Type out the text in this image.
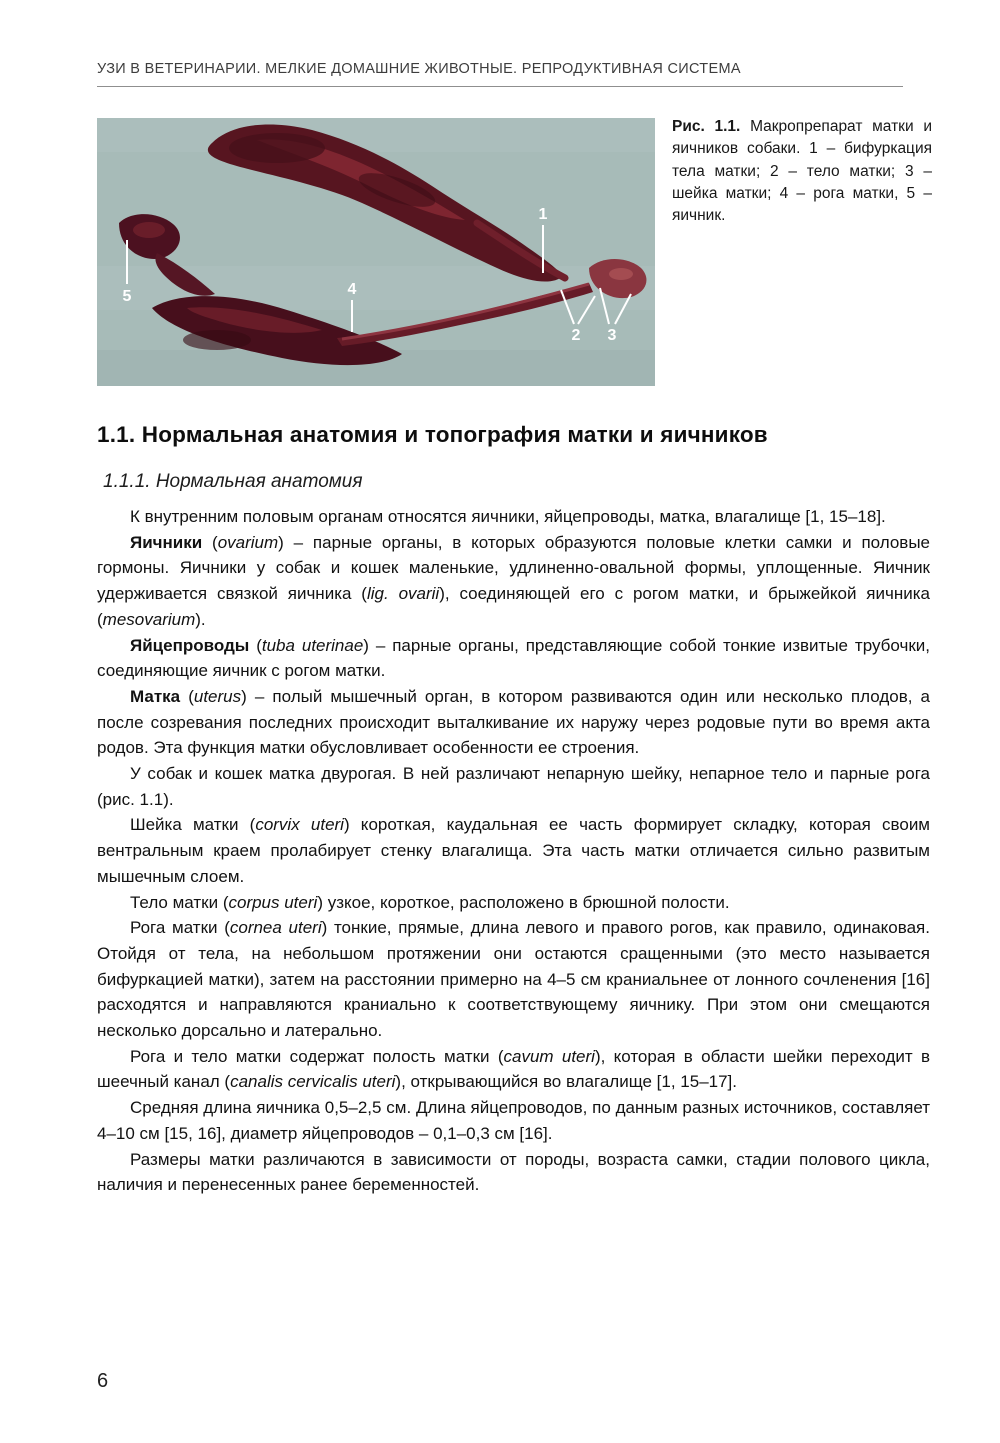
УЗИ В ВЕТЕРИНАРИИ. МЕЛКИЕ ДОМАШНИЕ ЖИВОТНЫЕ. РЕПРОДУКТИВНАЯ СИСТЕМА
1
2 3
4
5
Рис. 1.1. Макропрепарат матки и яичников собаки. 1 – бифуркация тела матки; 2 – тело матки; 3 – шейка матки; 4 – рога матки, 5 – яичник.
1.1. Нормальная анатомия и топография матки и яичников
1.1.1. Нормальная анатомия

К внутренним половым органам относятся яичники, яйцепроводы, матка, влагалище [1, 15–18].

Яичники (ovarium) – парные органы, в которых образуются половые клетки самки и половые гормоны. Яичники у собак и кошек маленькие, удлиненно-овальной формы, уплощенные. Яичник удерживается связкой яичника (lig. ovarii), соединяющей его с рогом матки, и брыжейкой яичника (mesovarium).

Яйцепроводы (tuba uterinae) – парные органы, представляющие собой тонкие извитые трубочки, соединяющие яичник с рогом матки.

Матка (uterus) – полый мышечный орган, в котором развиваются один или несколько плодов, а после созревания последних происходит выталкивание их наружу через родовые пути во время акта родов. Эта функция матки обусловливает особенности ее строения.

У собак и кошек матка двурогая. В ней различают непарную шейку, непарное тело и парные рога (рис. 1.1).

Шейка матки (corvix uteri) короткая, каудальная ее часть формирует складку, которая своим вентральным краем пролабирует стенку влагалища. Эта часть матки отличается сильно развитым мышечным слоем.

Тело матки (corpus uteri) узкое, короткое, расположено в брюшной полости.

Рога матки (cornea uteri) тонкие, прямые, длина левого и правого рогов, как правило, одинаковая. Отойдя от тела, на небольшом протяжении они остаются сращенными (это место называется бифуркацией матки), затем на расстоянии примерно на 4–5 см краниальнее от лонного сочленения [16] расходятся и направляются краниально к соответствующему яичнику. При этом они смещаются несколько дорсально и латерально.

Рога и тело матки содержат полость матки (cavum uteri), которая в области шейки переходит в шеечный канал (canalis cervicalis uteri), открывающийся во влагалище [1, 15–17].

Средняя длина яичника 0,5–2,5 см. Длина яйцепроводов, по данным разных источников, составляет 4–10 см [15, 16], диаметр яйцепроводов – 0,1–0,3 см [16].

Размеры матки различаются в зависимости от породы, возраста самки, стадии полового цикла, наличия и перенесенных ранее беременностей.

6
